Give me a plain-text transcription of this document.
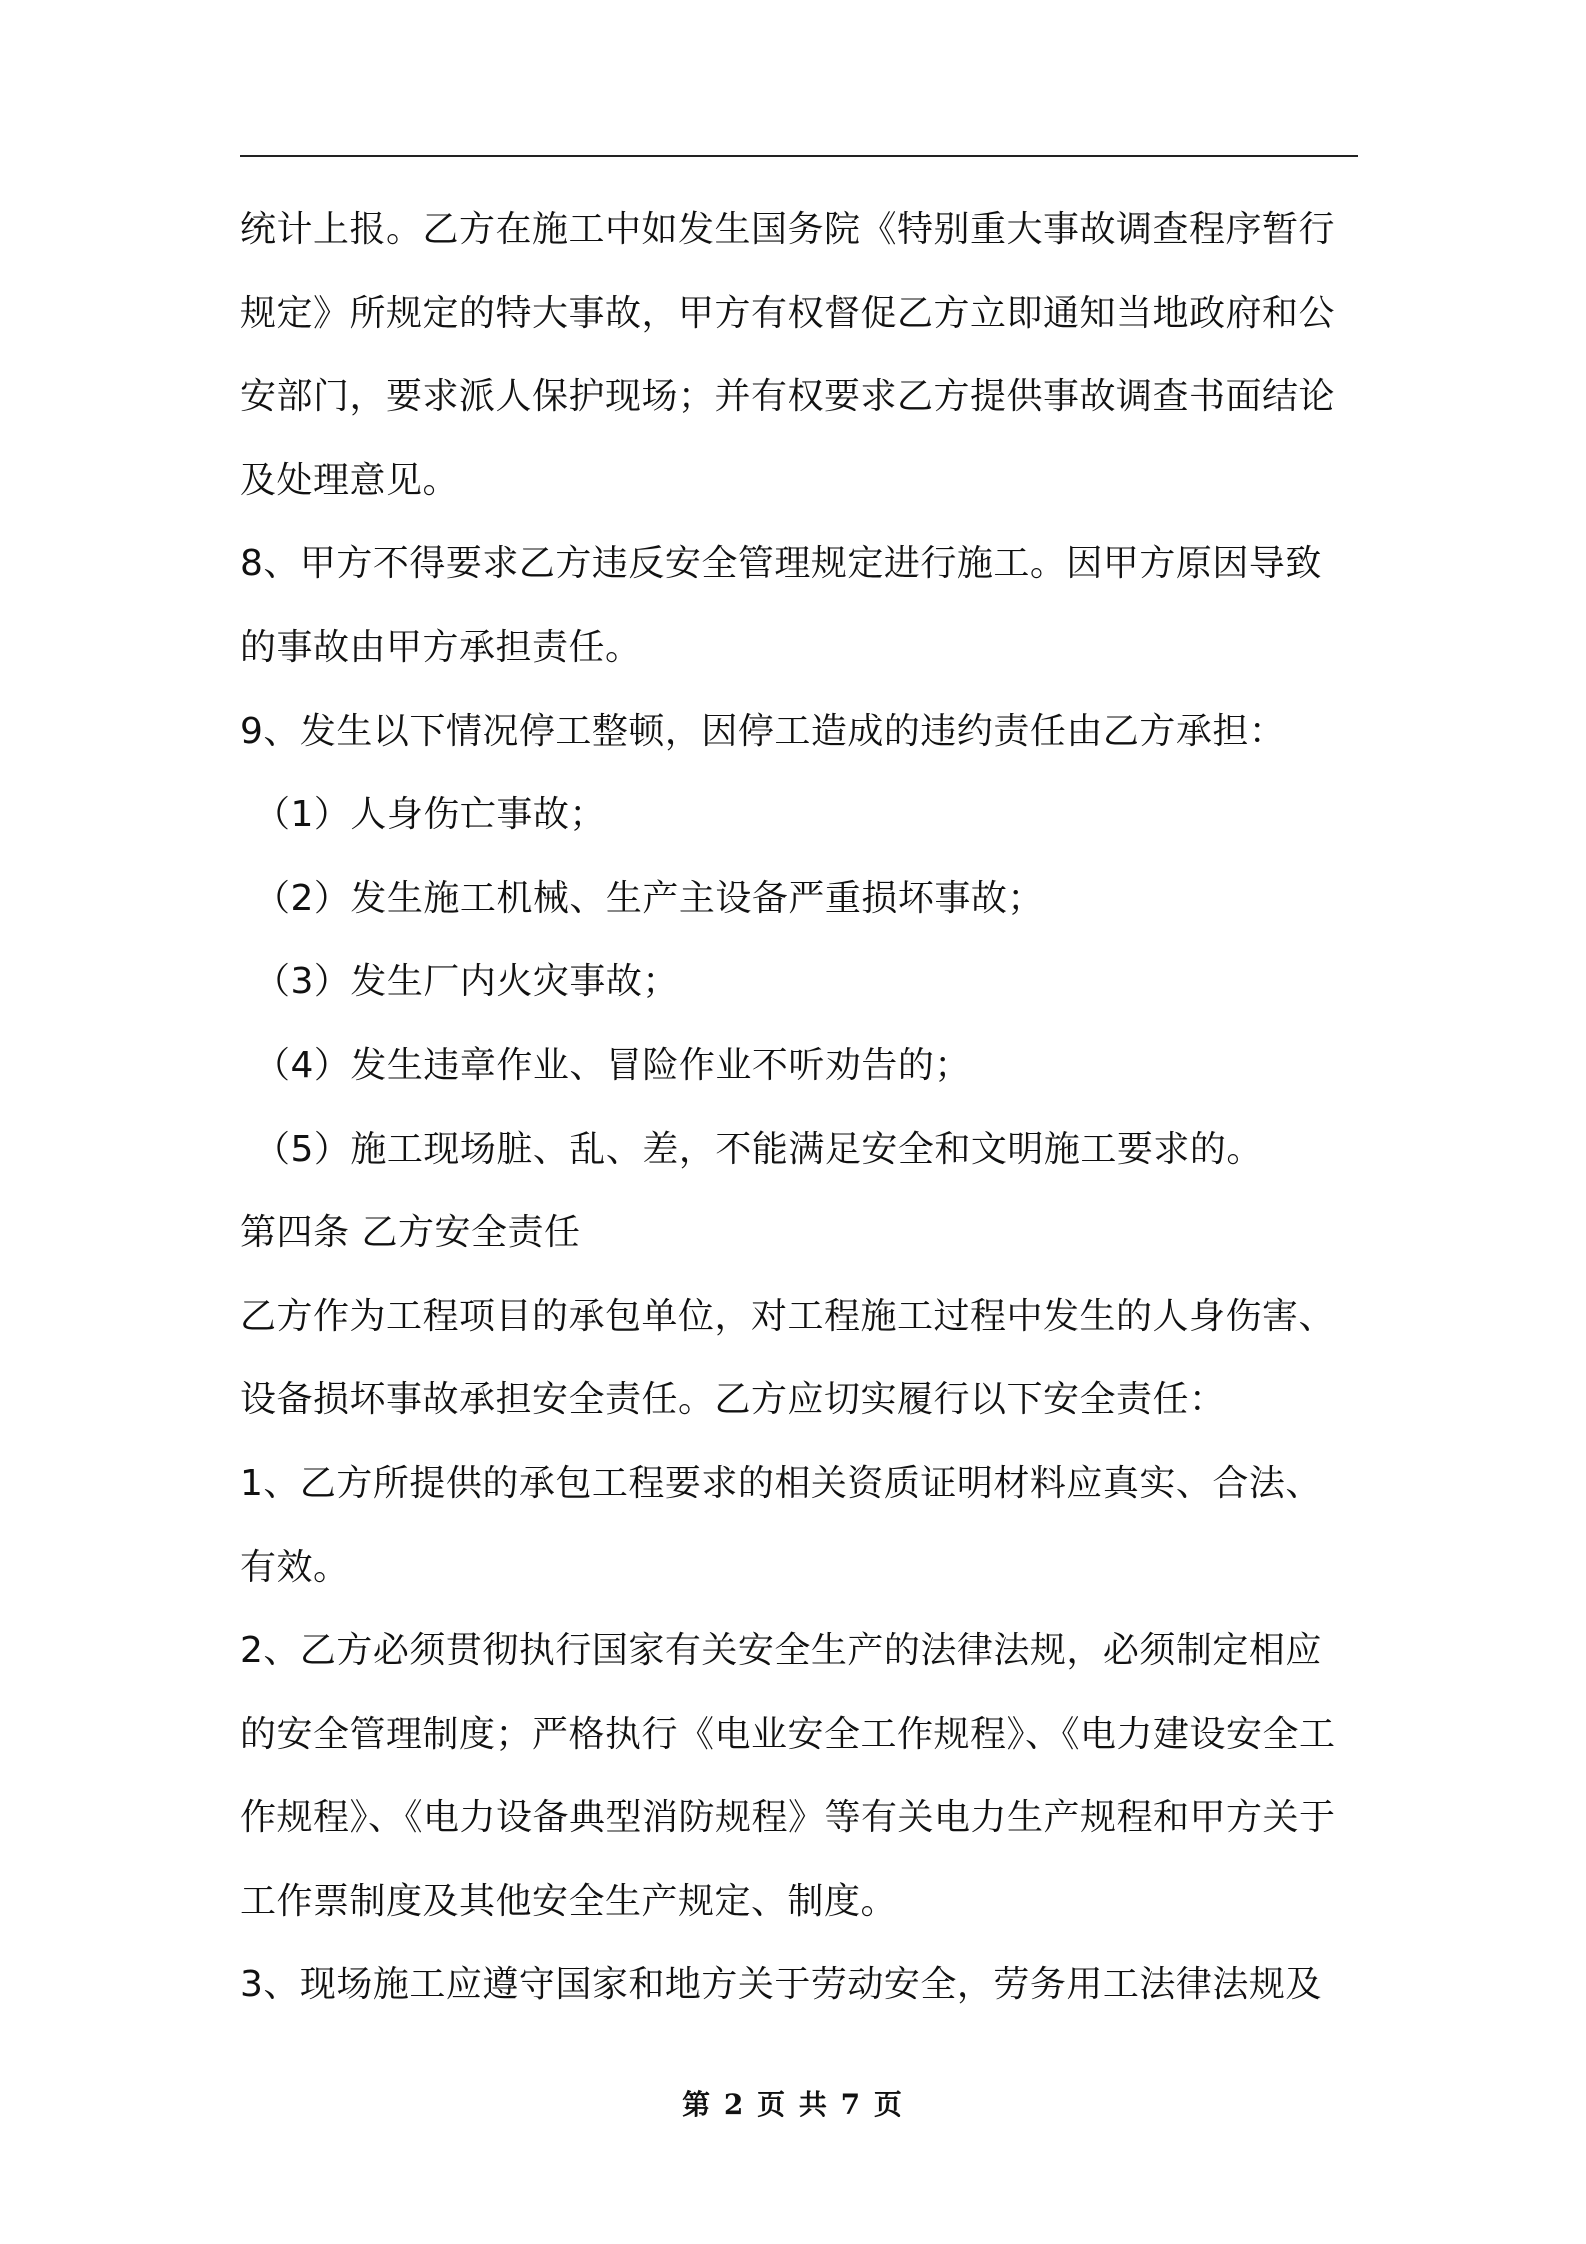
统计上报。乙方在施工中如发生国务院《特别重大事故调查程序暂行
规定》所规定的特大事故，甲方有权督促乙方立即通知当地政府和公
安部门，要求派人保护现场；并有权要求乙方提供事故调查书面结论
及处理意见。
8、甲方不得要求乙方违反安全管理规定进行施工。因甲方原因导致
的事故由甲方承担责任。
9、发生以下情况停工整顿，因停工造成的违约责任由乙方承担：
（1）人身伤亡事故；
（2）发生施工机械、生产主设备严重损坏事故；
（3）发生厂内火灾事故；
（4）发生违章作业、冒险作业不听劝告的；
（5）施工现场脏、乱、差，不能满足安全和文明施工要求的。
第四条 乙方安全责任
乙方作为工程项目的承包单位，对工程施工过程中发生的人身伤害、
设备损坏事故承担安全责任。乙方应切实履行以下安全责任：
1、乙方所提供的承包工程要求的相关资质证明材料应真实、合法、
有效。
2、乙方必须贯彻执行国家有关安全生产的法律法规，必须制定相应
的安全管理制度；严格执行《电业安全工作规程》、《电力建设安全工
作规程》、《电力设备典型消防规程》等有关电力生产规程和甲方关于
工作票制度及其他安全生产规定、制度。
3、现场施工应遵守国家和地方关于劳动安全，劳务用工法律法规及
第 2 页 共 7 页
